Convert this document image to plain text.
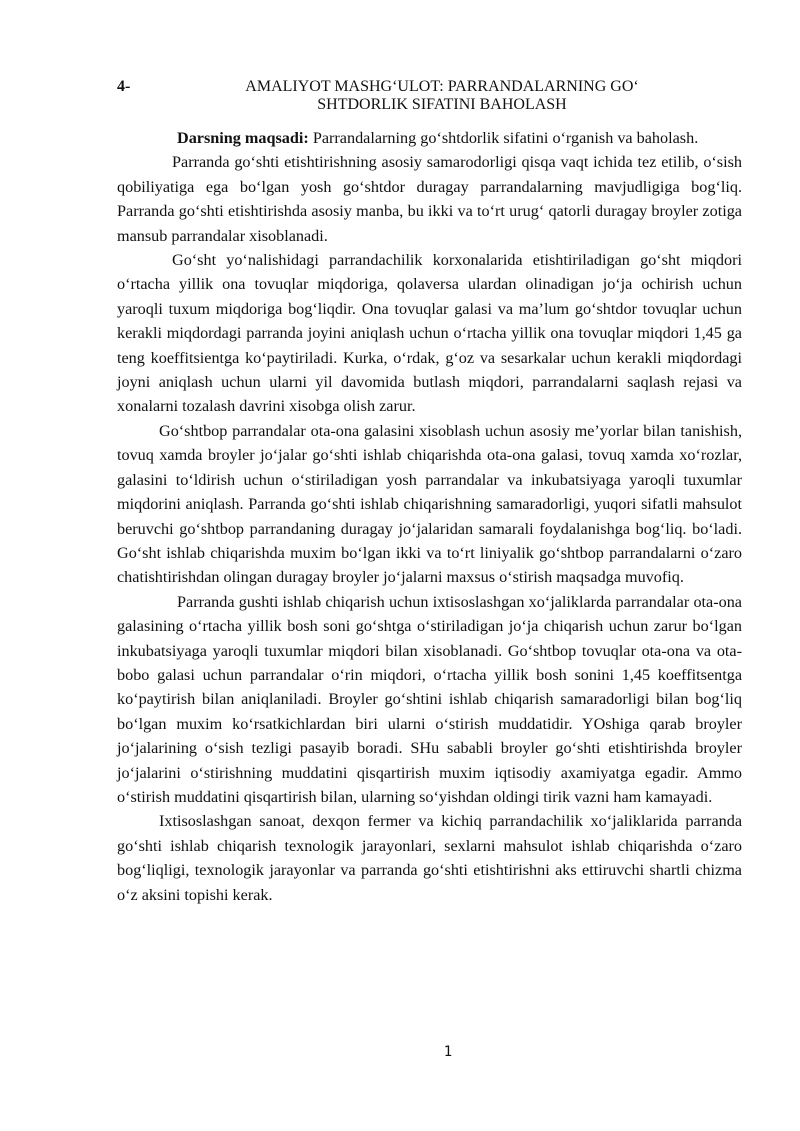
4-	AMALIYOT MASHG‘ULOT: PARRANDALARNING GO‘
SHTDORLIK SIFATINI BAHOLASH

Darsning maqsadi: Parrandalarning go‘shtdorlik sifatini o‘rganish va baholash.

Parranda go‘shti etishtirishning asosiy samarodorligi qisqa vaqt ichida tez etilib, o‘sish qobiliyatiga ega bo‘lgan yosh go‘shtdor duragay parrandalarning mavjudligiga bog‘liq. Parranda go‘shti etishtirishda asosiy manba, bu ikki va to‘rt urug‘ qatorli duragay broyler zotiga mansub parrandalar xisoblanadi.

Go‘sht yo‘nalishidagi parrandachilik korxonalarida etishtiriladigan go‘sht miqdori o‘rtacha yillik ona tovuqlar miqdoriga, qolaversa ulardan olinadigan jo‘ja ochirish uchun yaroqli tuxum miqdoriga bog‘liqdir. Ona tovuqlar galasi va ma’lum go‘shtdor tovuqlar uchun kerakli miqdordagi parranda joyini aniqlash uchun o‘rtacha yillik ona tovuqlar miqdori 1,45 ga teng koeffitsientga ko‘paytiriladi. Kurka, o‘rdak, g‘oz va sesarkalar uchun kerakli miqdordagi joyni aniqlash uchun ularni yil davomida butlash miqdori, parrandalarni saqlash rejasi va xonalarni tozalash davrini xisobga olish zarur.

Go‘shtbop parrandalar ota-ona galasini xisoblash uchun asosiy me’yorlar bilan tanishish, tovuq xamda broyler jo‘jalar go‘shti ishlab chiqarishda ota-ona galasi, tovuq xamda xo‘rozlar, galasini to‘ldirish uchun o‘stiriladigan yosh parrandalar va inkubatsiyaga yaroqli tuxumlar miqdorini aniqlash. Parranda go‘shti ishlab chiqarishning samaradorligi, yuqori sifatli mahsulot beruvchi go‘shtbop parrandaning duragay jo‘jalaridan samarali foydalanishga bog‘liq. bo‘ladi. Go‘sht ishlab chiqarishda muxim bo‘lgan ikki va to‘rt liniyalik go‘shtbop parrandalarni o‘zaro chatishtirishdan olingan duragay broyler jo‘jalarni maxsus o‘stirish maqsadga muvofiq.

Parranda gushti ishlab chiqarish uchun ixtisoslashgan xo‘jaliklarda parrandalar ota-ona galasining o‘rtacha yillik bosh soni go‘shtga o‘stiriladigan jo‘ja chiqarish uchun zarur bo‘lgan inkubatsiyaga yaroqli tuxumlar miqdori bilan xisoblanadi. Go‘shtbop tovuqlar ota-ona va ota-bobo galasi uchun parrandalar o‘rin miqdori, o‘rtacha yillik bosh sonini 1,45 koeffitsentga ko‘paytirish bilan aniqlaniladi. Broyler go‘shtini ishlab chiqarish samaradorligi bilan bog‘liq bo‘lgan muxim ko‘rsatkichlardan biri ularni o‘stirish muddatidir. YOshiga qarab broyler jo‘jalarining o‘sish tezligi pasayib boradi. SHu sababli broyler go‘shti etishtirishda broyler jo‘jalarini o‘stirishning muddatini qisqartirish muxim iqtisodiy axamiyatga egadir. Ammo o‘stirish muddatini qisqartirish bilan, ularning so‘yishdan oldingi tirik vazni ham kamayadi.

Ixtisoslashgan sanoat, dexqon fermer va kichiq parrandachilik xo‘jaliklarida parranda go‘shti ishlab chiqarish texnologik jarayonlari, sexlarni mahsulot ishlab chiqarishda o‘zaro bog‘liqligi, texnologik jarayonlar va parranda go‘shti etishtirishni aks ettiruvchi shartli chizma o‘z aksini topishi kerak.

1
